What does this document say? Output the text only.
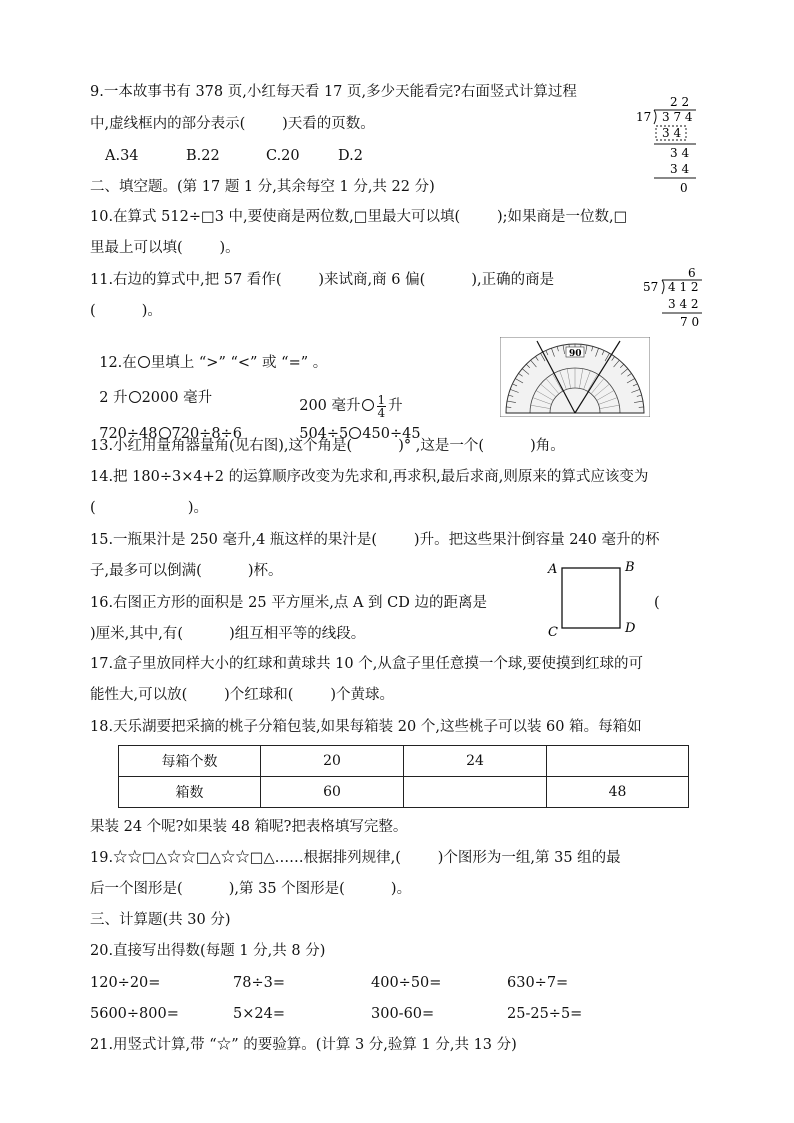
9.一本故事书有 378 页,小红每天看 17 页,多少天能看完?右面竖式计算过程
中,虚线框内的部分表示(        )天看的页数。
A.34	B.22	C.20	D.2
2 2
17 3 7 4
3 4
3 4
3 4
0
二、填空题。(第 17 题 1 分,其余每空 1 分,共 22 分)
10.在算式 512÷□3 中,要使商是两位数,□里最大可以填(        );如果商是一位数,□
里最上可以填(        )。
11.右边的算式中,把 57 看作(        )来试商,商 6 偏(          ),正确的商是
(          )。
6
57 4 1 2
3 4 2
7 0

12.在 里填上 “>” “<” 或 “=” 。

2 升 2000 毫升	200 毫升 $\frac{1}{4}$ 升

720÷48 720÷8÷6	504÷5 450÷45

90
13.小红用量角器量角(见右图),这个角是(          )° ,这是一个(          )角。
14.把 180÷3×4+2 的运算顺序改变为先求和,再求积,最后求商,则原来的算式应该变为
(                    )。
15.一瓶果汁是 250 毫升,4 瓶这样的果汁是(        )升。把这些果汁倒容量 240 毫升的杯
子,最多可以倒满(          )杯。
16.右图正方形的面积是 25 平方厘米,点 A 到 CD 边的距离是	(
)厘米,其中,有(          )组互相平等的线段。
A	B
C	D
17.盒子里放同样大小的红球和黄球共 10 个,从盒子里任意摸一个球,要使摸到红球的可
能性大,可以放(        )个红球和(        )个黄球。
18.天乐湖要把采摘的桃子分箱包装,如果每箱装 20 个,这些桃子可以装 60 箱。每箱如
每箱个数	20	24	
箱数	60		48
果装 24 个呢?如果装 48 箱呢?把表格填写完整。
19.☆☆□△☆☆□△☆☆□△……根据排列规律,(        )个图形为一组,第 35 组的最
后一个图形是(          ),第 35 个图形是(          )。
三、计算题(共 30 分)
20.直接写出得数(每题 1 分,共 8 分)
120÷20=	78÷3=	400÷50=	630÷7=
5600÷800=	5×24=	300-60=	25-25÷5=
21.用竖式计算,带 “☆” 的要验算。(计算 3 分,验算 1 分,共 13 分)
